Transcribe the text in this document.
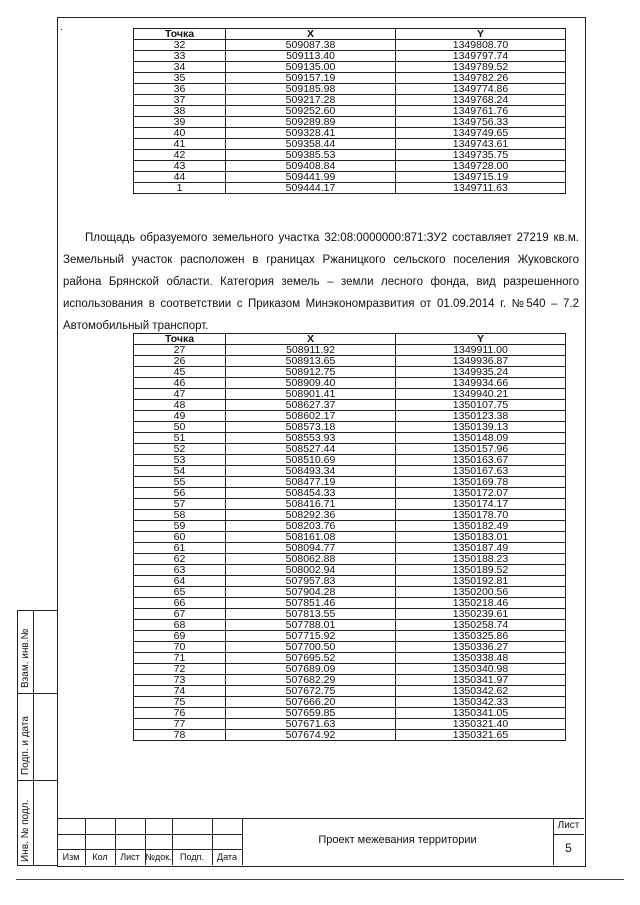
.
Точка	X	Y
32	509087.38	1349808.70
33	509113.40	1349797.74
34	509135.00	1349789.52
35	509157.19	1349782.26
36	509185.98	1349774.86
37	509217.28	1349768.24
38	509252.60	1349761.76
39	509289.89	1349756.33
40	509328.41	1349749.65
41	509358.44	1349743.61
42	509385.53	1349735.75
43	509408.84	1349728.00
44	509441.99	1349715.19
1	509444.17	1349711.63

Площадь образуемого земельного участка 32:08:0000000:871:ЗУ2 составляет 27219 кв.м. Земельный участок расположен в границах Ржаницкого сельского поселения Жуковского района Брянской области. Категория земель – земли лесного фонда, вид разрешенного использования в соответствии с Приказом Минэкономразвития от 01.09.2014 г. №540 – 7.2 Автомобильный транспорт.

Точка	X	Y
27	508911.92	1349911.00
26	508913.65	1349936.87
45	508912.75	1349935.24
46	508909.40	1349934.66
47	508901.41	1349940.21
48	508627.37	1350107.75
49	508602.17	1350123.38
50	508573.18	1350139.13
51	508553.93	1350148.09
52	508527.44	1350157.96
53	508510.69	1350163.67
54	508493.34	1350167.63
55	508477.19	1350169.78
56	508454.33	1350172.07
57	508416.71	1350174.17
58	508292.36	1350178.70
59	508203.76	1350182.49
60	508161.08	1350183.01
61	508094.77	1350187.49
62	508062.88	1350188.23
63	508002.94	1350189.52
64	507957.83	1350192.81
65	507904.28	1350200.56
66	507851.46	1350218.46
67	507813.55	1350239.61
68	507788.01	1350258.74
69	507715.92	1350325.86
70	507700.50	1350336.27
71	507695.52	1350338.48
72	507689.09	1350340.98
73	507682.29	1350341.97
74	507672.75	1350342.62
75	507666.20	1350342.33
76	507659.85	1350341.05
77	507671.63	1350321.40
78	507674.92	1350321.65
Взам. инв.№
Подп. и дата
Инв. № подл.	Изм	Кол	Лист №док. Подп.	Дата
Проект межевания территории
Лист
5
